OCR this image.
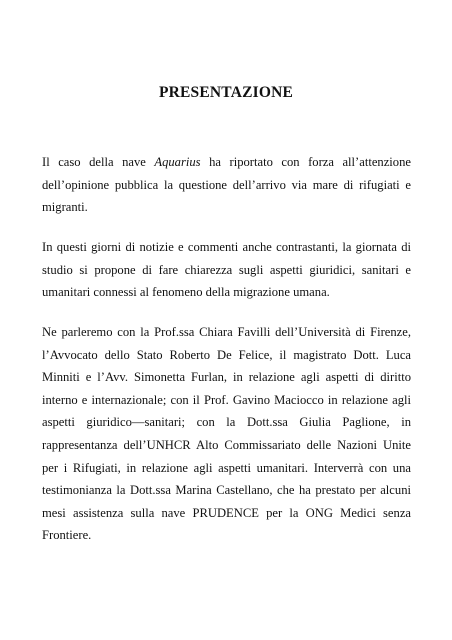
PRESENTAZIONE

Il caso della nave Aquarius ha riportato con forza all’attenzione dell’opinione pubblica la questione dell’arrivo via mare di rifugiati e migranti.

In questi giorni di notizie e commenti anche contrastanti, la giornata di studio si propone di fare chiarezza sugli aspetti giuridici, sanitari e umanitari connessi al fenomeno della migrazione umana.

Ne parleremo con la Prof.ssa Chiara Favilli dell’Università di Firenze, l’Avvocato dello Stato Roberto De Felice, il magistrato Dott. Luca Minniti e l’Avv. Simonetta Furlan, in relazione agli aspetti di diritto interno e internazionale; con il Prof. Gavino Maciocco in relazione agli aspetti giuridico—sanitari; con la Dott.ssa Giulia Paglione, in rappresentanza dell’UNHCR Alto Commissariato delle Nazioni Unite per i Rifugiati, in relazione agli aspetti umanitari. Interverrà con una testimonianza la Dott.ssa Marina Castellano, che ha prestato per alcuni mesi assistenza sulla nave PRUDENCE per la ONG Medici senza Frontiere.
